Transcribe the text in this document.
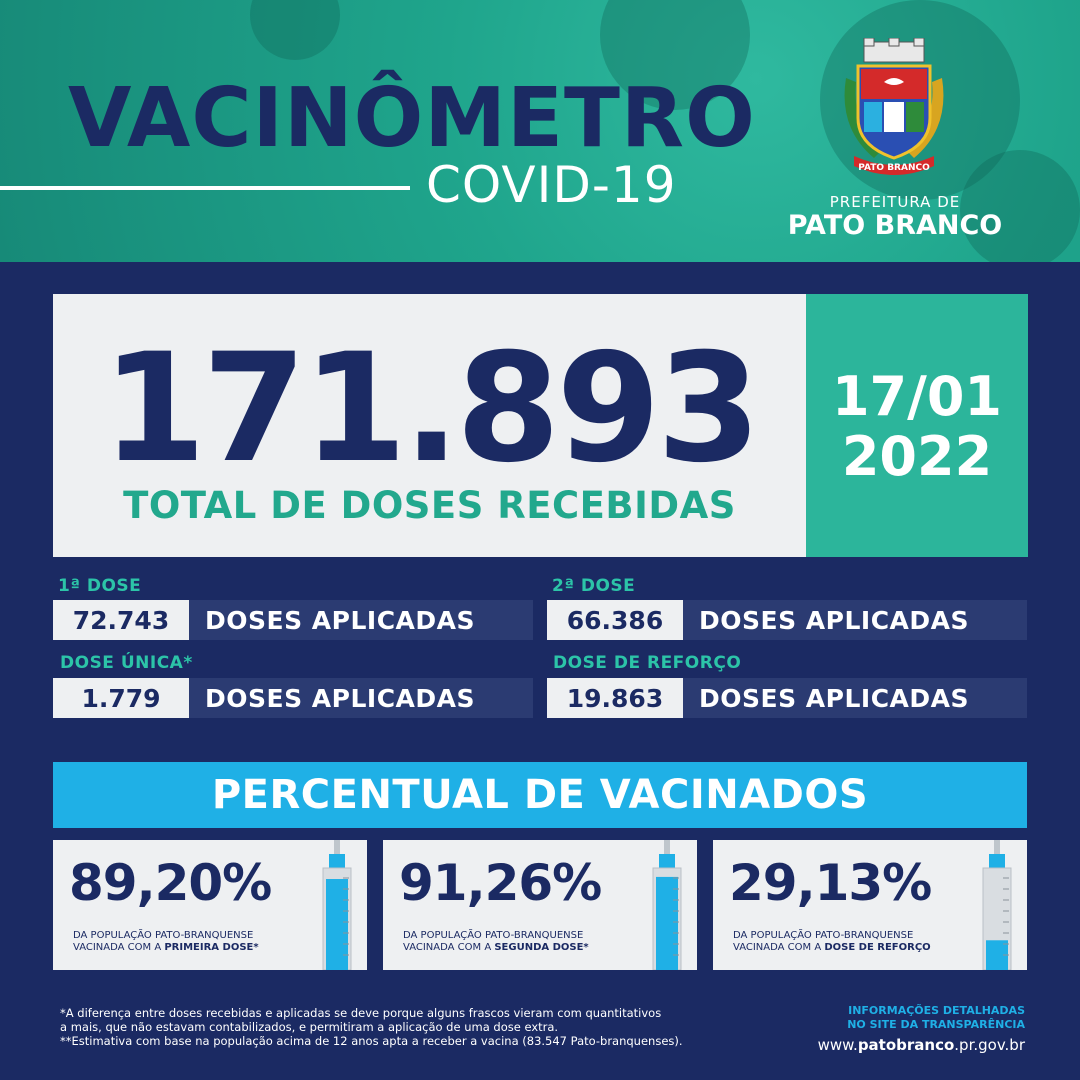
VACINÔMETRO
COVID-19	PATO BRANCO
PREFEITURA DE
PATO BRANCO
171.893
TOTAL DE DOSES RECEBIDAS
17/01
2022
1ª DOSE
72.743	DOSES APLICADAS
2ª DOSE
66.386	DOSES APLICADAS
DOSE ÚNICA*
1.779	DOSES APLICADAS
DOSE DE REFORÇO
19.863	DOSES APLICADAS
PERCENTUAL DE VACINADOS
89,20%
DA POPULAÇÃO PATO-BRANQUENSE
VACINADA COM A PRIMEIRA DOSE*
91,26%
DA POPULAÇÃO PATO-BRANQUENSE
VACINADA COM A SEGUNDA DOSE*
29,13%
DA POPULAÇÃO PATO-BRANQUENSE
VACINADA COM A DOSE DE REFORÇO
*A diferença entre doses recebidas e aplicadas se deve porque alguns frascos vieram com quantitativos
a mais, que não estavam contabilizados, e permitiram a aplicação de uma dose extra.
**Estimativa com base na população acima de 12 anos apta a receber a vacina (83.547 Pato-branquenses).
INFORMAÇÕES DETALHADAS
NO SITE DA TRANSPARÊNCIA
www.patobranco.pr.gov.br
